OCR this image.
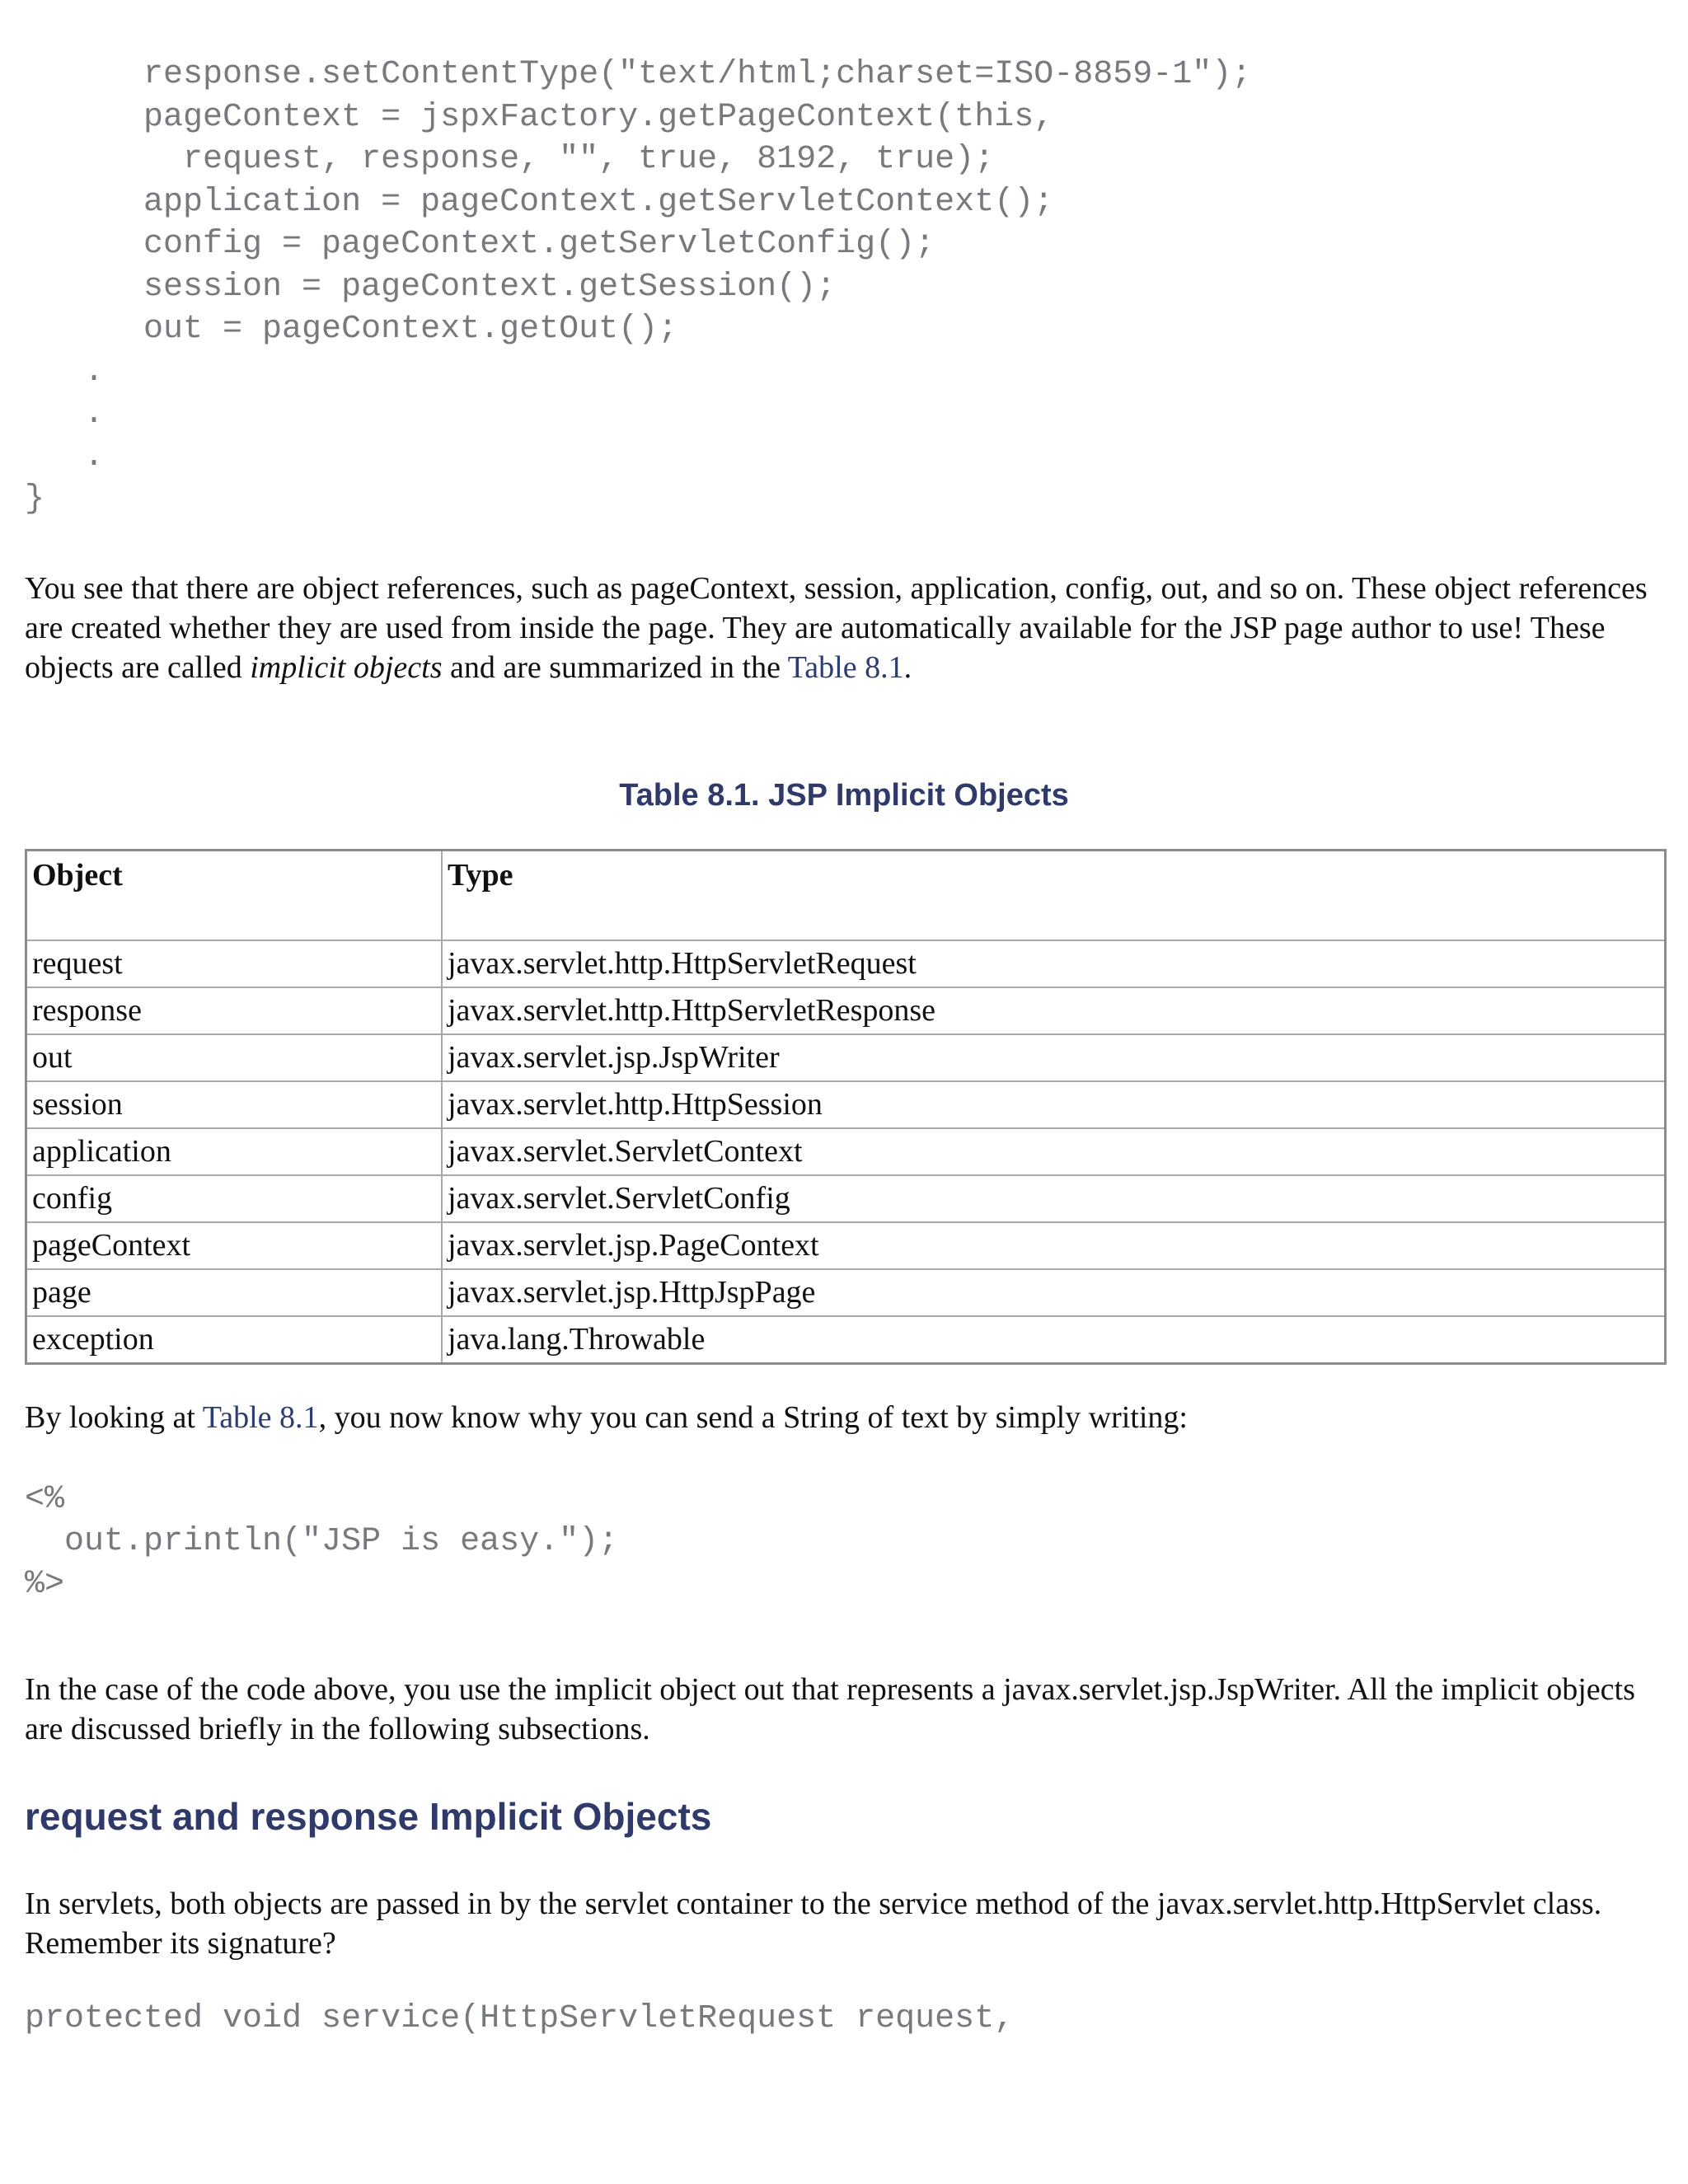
response.setContentType("text/html;charset=ISO-8859-1");
pageContext = jspxFactory.getPageContext(this,
request, response, "", true, 8192, true);
application = pageContext.getServletContext();
config = pageContext.getServletConfig();
session = pageContext.getSession();
out = pageContext.getOut();
.
.
.
}

You see that there are object references, such as pageContext, session, application, config, out, and so on. These object references are created whether they are used from inside the page. They are automatically available for the JSP page author to use! These objects are called implicit objects and are summarized in the Table 8.1.

Table 8.1. JSP Implicit Objects
Object	Type
request	javax.servlet.http.HttpServletRequest
response	javax.servlet.http.HttpServletResponse
out	javax.servlet.jsp.JspWriter
session	javax.servlet.http.HttpSession
application	javax.servlet.ServletContext
config	javax.servlet.ServletConfig
pageContext	javax.servlet.jsp.PageContext
page	javax.servlet.jsp.HttpJspPage
exception	java.lang.Throwable

By looking at Table 8.1, you now know why you can send a String of text by simply writing:

<%
out.println("JSP is easy.");
%>

In the case of the code above, you use the implicit object out that represents a javax.servlet.jsp.JspWriter. All the implicit objects are discussed briefly in the following subsections.

request and response Implicit Objects

In servlets, both objects are passed in by the servlet container to the service method of the javax.servlet.http.HttpServlet class. Remember its signature?

protected void service(HttpServletRequest request,
